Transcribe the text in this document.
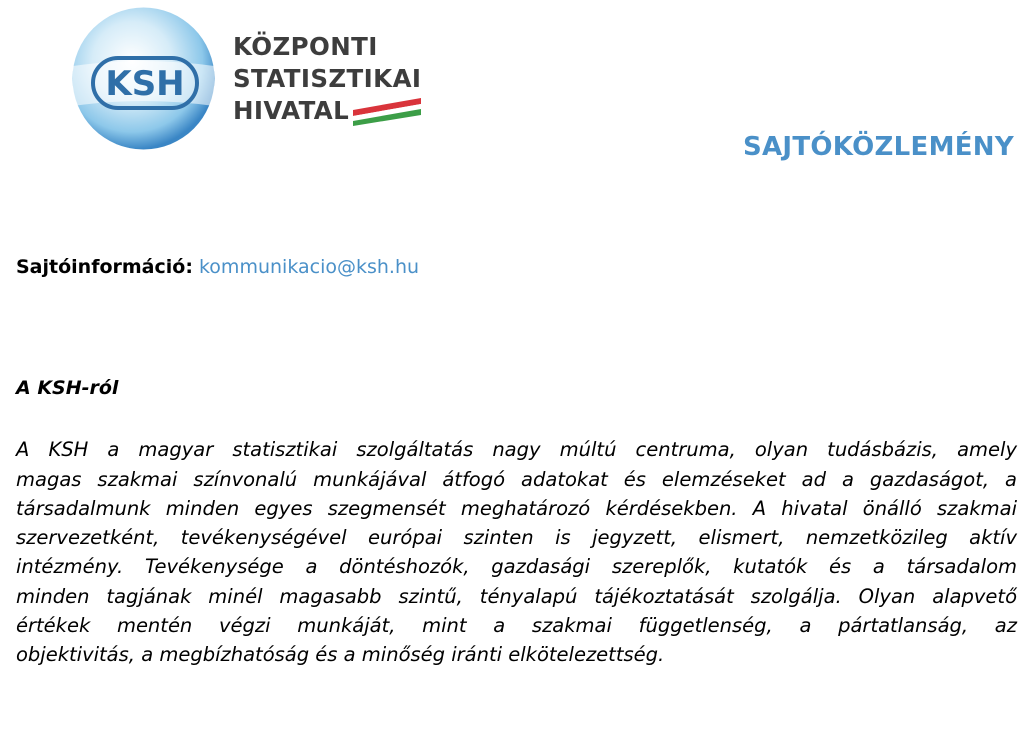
KSH
KÖZPONTI
STATISZTIKAI
HIVATAL
SAJTÓKÖZLEMÉNY
Sajtóinformáció: kommunikacio@ksh.hu
A KSH-ról
A KSH a magyar statisztikai szolgáltatás nagy múltú centruma, olyan tudásbázis, amely
magas szakmai színvonalú munkájával átfogó adatokat és elemzéseket ad a gazdaságot, a
társadalmunk minden egyes szegmensét meghatározó kérdésekben. A hivatal önálló szakmai
szervezetként, tevékenységével európai szinten is jegyzett, elismert, nemzetközileg aktív
intézmény. Tevékenysége a döntéshozók, gazdasági szereplők, kutatók és a társadalom
minden tagjának minél magasabb szintű, tényalapú tájékoztatását szolgálja. Olyan alapvető
értékek mentén végzi munkáját, mint a szakmai függetlenség, a pártatlanság, az
objektivitás, a megbízhatóság és a minőség iránti elkötelezettség.
